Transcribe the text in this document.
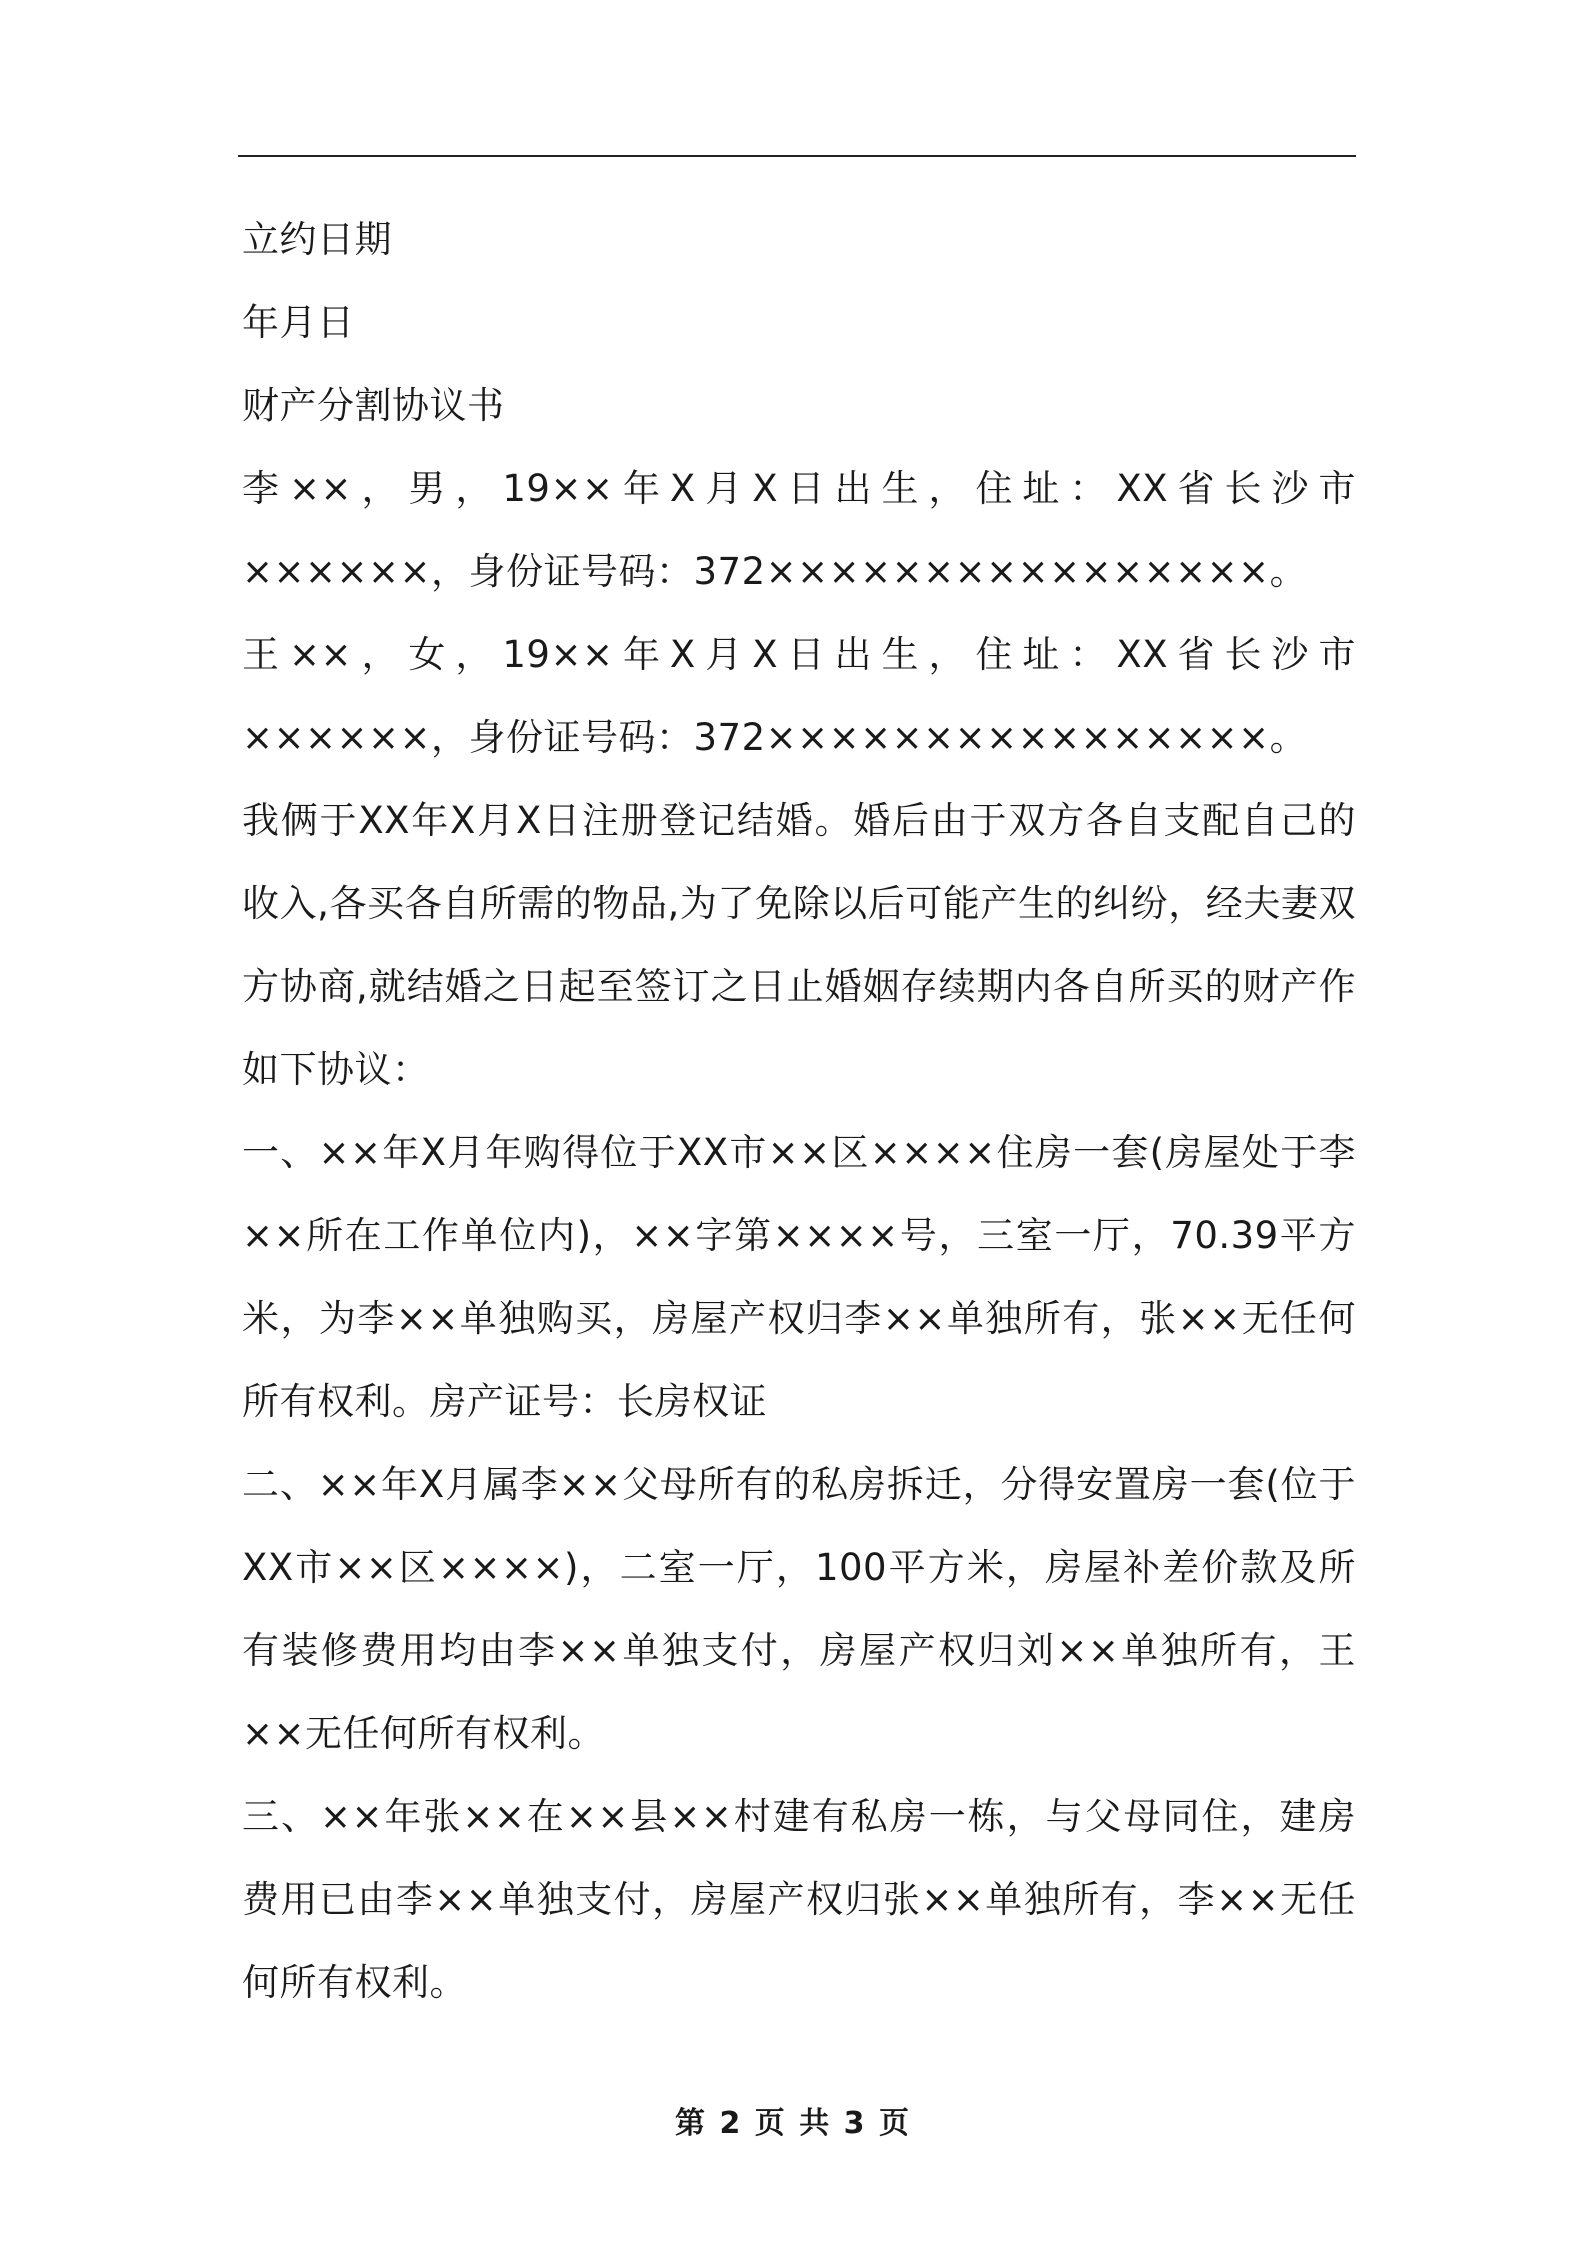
立约日期

年月日

财产分割协议书

李××，男，19××年X月X日出生，住址：XX省长沙市××××××，身份证号码：372××××××××××××××××。

王××，女，19××年X月X日出生，住址：XX省长沙市××××××，身份证号码：372××××××××××××××××。

我俩于XX年X月X日注册登记结婚。婚后由于双方各自支配自己的收入,各买各自所需的物品,为了免除以后可能产生的纠纷，经夫妻双方协商,就结婚之日起至签订之日止婚姻存续期内各自所买的财产作如下协议：

一、××年X月年购得位于XX市××区××××住房一套(房屋处于李××所在工作单位内)，××字第××××号，三室一厅，70.39平方米，为李××单独购买，房屋产权归李××单独所有，张××无任何所有权利。房产证号：长房权证

二、××年X月属李××父母所有的私房拆迁，分得安置房一套(位于XX市××区××××)，二室一厅，100平方米，房屋补差价款及所有装修费用均由李××单独支付，房屋产权归刘××单独所有，王××无任何所有权利。

三、××年张××在××县××村建有私房一栋，与父母同住，建房费用已由李××单独支付，房屋产权归张××单独所有，李××无任何所有权利。

第 2 页 共 3 页
